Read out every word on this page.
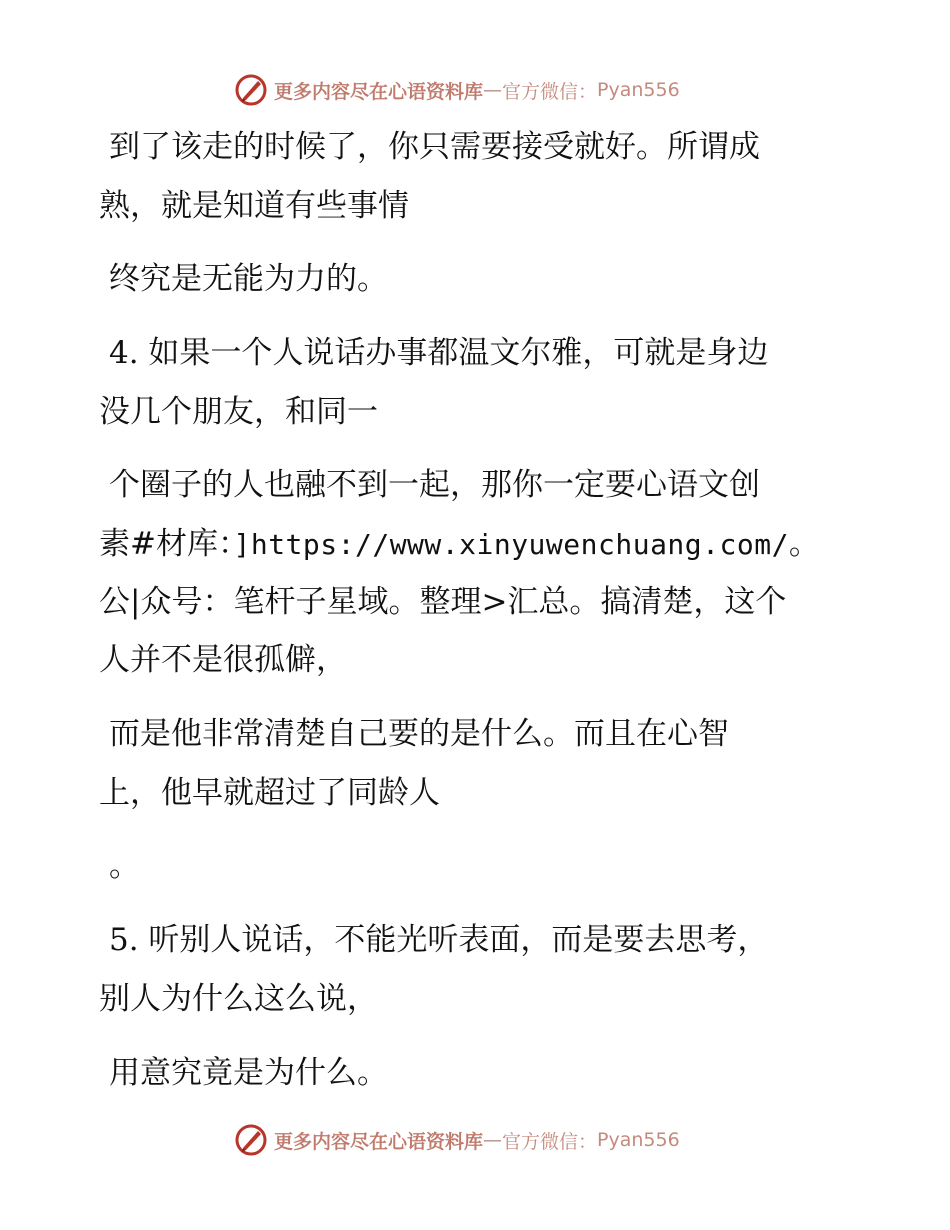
更多内容尽在心语资料库 — 官方微信： Pyan556
到了该走的时候了，你只需要接受就好。所谓成
熟，就是知道有些事情
终究是无能为力的。
4. 如果一个人说话办事都温文尔雅，可就是身边
没几个朋友，和同一
个圈子的人也融不到一起，那你一定要心语文创
素#材库：]https://www.xinyuwenchuang.com/。
公|众号：笔杆子星域。整理>汇总。搞清楚，这个
人并不是很孤僻，
而是他非常清楚自己要的是什么。而且在心智
上，他早就超过了同龄人
。
5. 听别人说话，不能光听表面，而是要去思考，
别人为什么这么说，
用意究竟是为什么。
更多内容尽在心语资料库 — 官方微信： Pyan556
